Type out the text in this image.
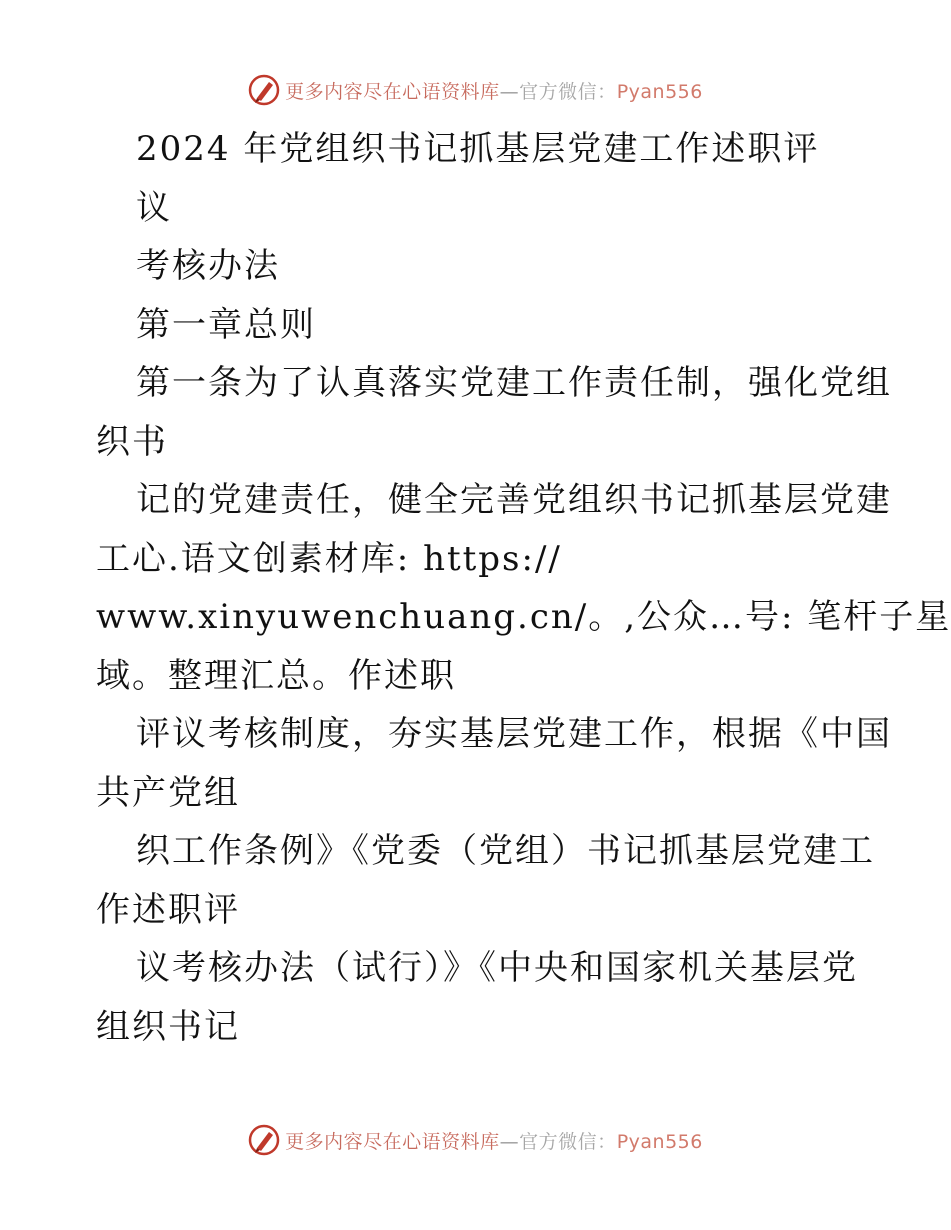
更多内容尽在心语资料库—官方微信：Pyan556
2024 年党组织书记抓基层党建工作述职评
议
考核办法
第一章总则
第一条为了认真落实党建工作责任制，强化党组
织书
记的党建责任，健全完善党组织书记抓基层党建
工心.语文创素材库: https://
www.xinyuwenchuang.cn/。,公众…号: 笔杆子星
域。整理汇总。作述职
评议考核制度，夯实基层党建工作，根据《中国
共产党组
织工作条例》《党委（党组）书记抓基层党建工
作述职评
议考核办法（试行）》《中央和国家机关基层党
组织书记
更多内容尽在心语资料库—官方微信：Pyan556
